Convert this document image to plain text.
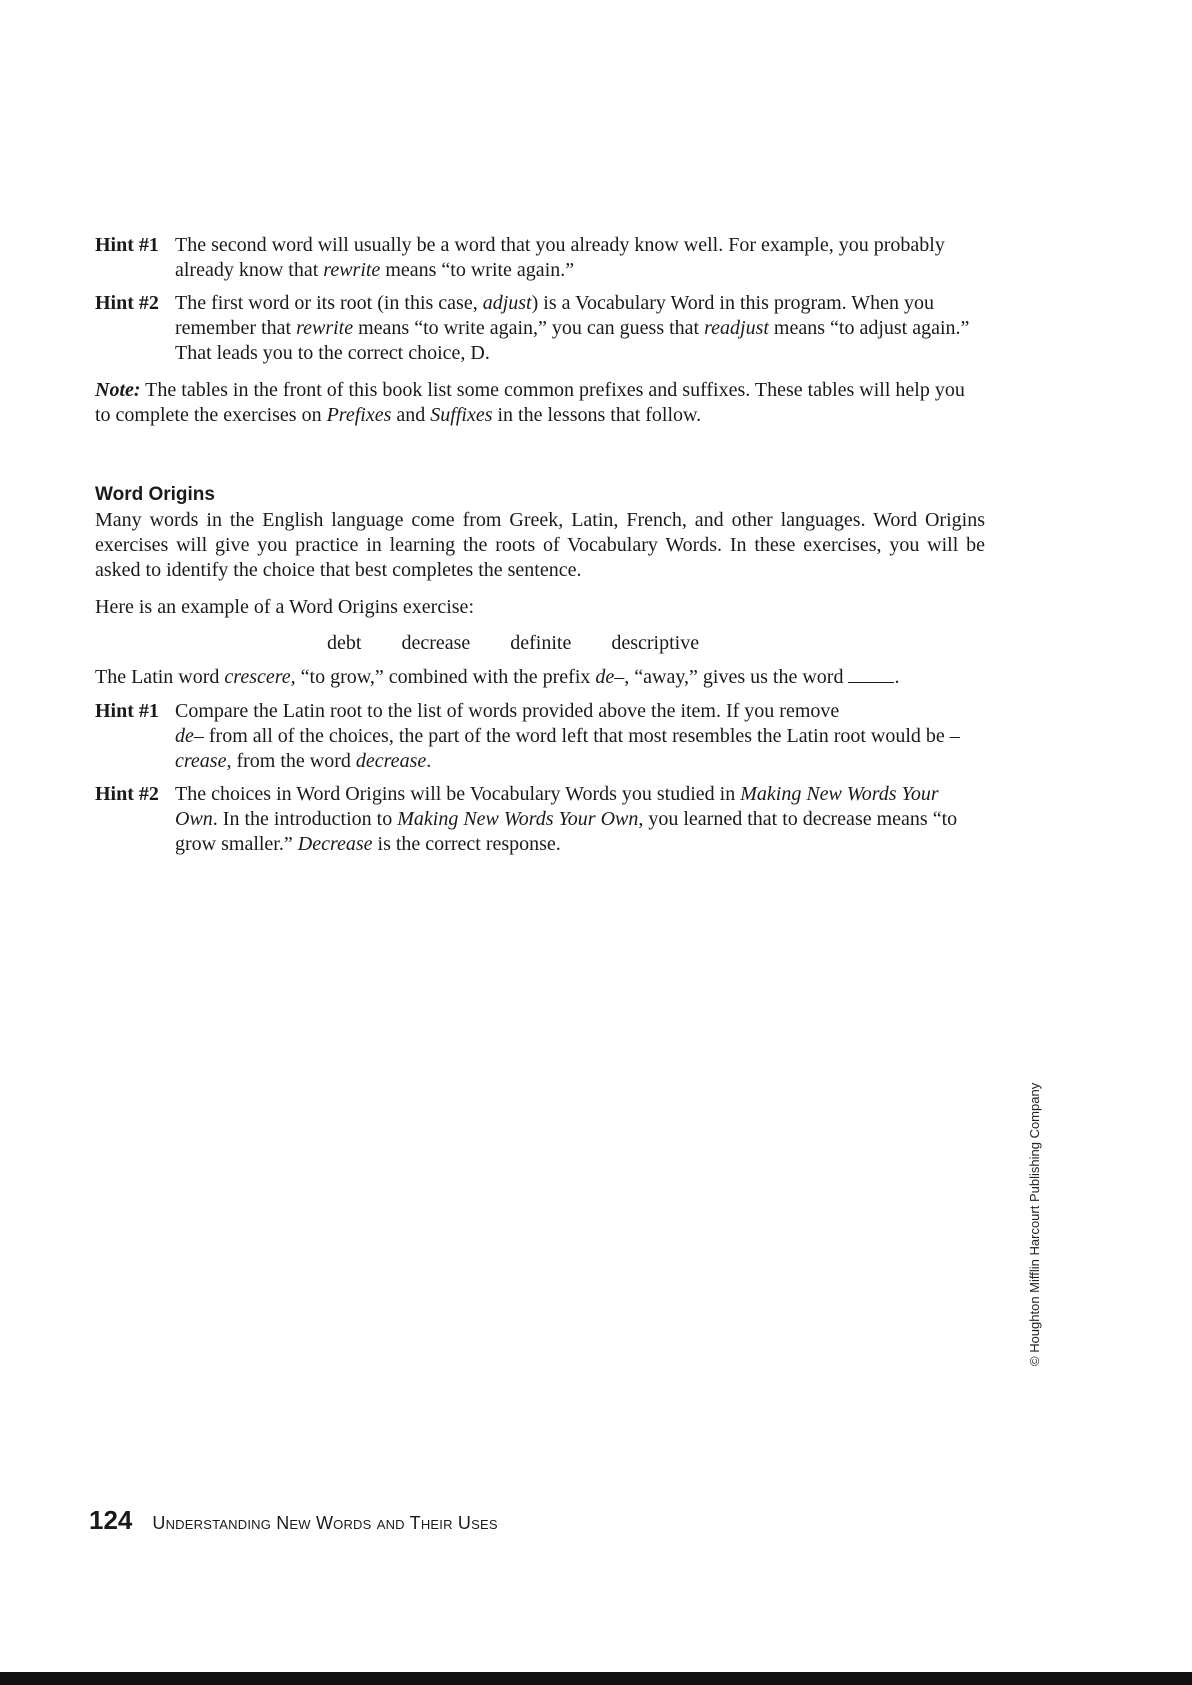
Hint #1 The second word will usually be a word that you already know well. For example, you probably already know that rewrite means “to write again.”
Hint #2 The first word or its root (in this case, adjust) is a Vocabulary Word in this program. When you remember that rewrite means “to write again,” you can guess that readjust means “to adjust again.” That leads you to the correct choice, D.

Note: The tables in the front of this book list some common prefixes and suffixes. These tables will help you to complete the exercises on Prefixes and Suffixes in the lessons that follow.

Word Origins

Many words in the English language come from Greek, Latin, French, and other languages. Word Origins exercises will give you practice in learning the roots of Vocabulary Words. In these exercises, you will be asked to identify the choice that best completes the sentence.

Here is an example of a Word Origins exercise:

debt decrease definite descriptive

The Latin word crescere, “to grow,” combined with the prefix de–, “away,” gives us the word .

Hint #1 Compare the Latin root to the list of words provided above the item. If you remove
de– from all of the choices, the part of the word left that most resembles the Latin root would be –crease, from the word decrease.
Hint #2 The choices in Word Origins will be Vocabulary Words you studied in Making New Words Your Own. In the introduction to Making New Words Your Own, you learned that to decrease means “to grow smaller.” Decrease is the correct response.
© Houghton Mifflin Harcourt Publishing Company
124 Understanding New Words and Their Uses
